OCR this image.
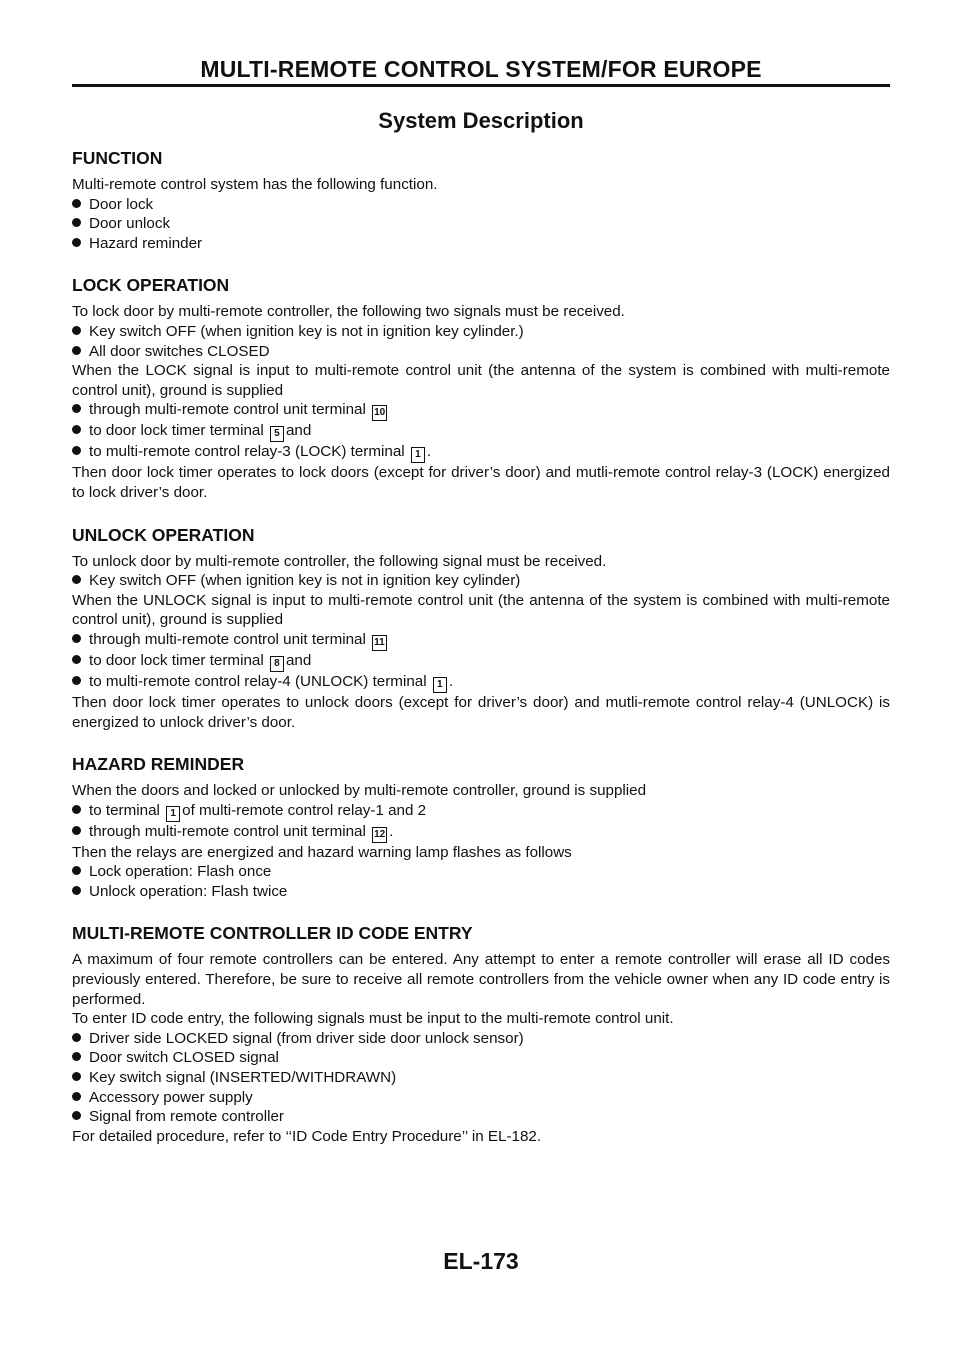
MULTI-REMOTE CONTROL SYSTEM/FOR EUROPE
System Description
FUNCTION

Multi-remote control system has the following function.

Door lock
Door unlock
Hazard reminder
LOCK OPERATION

To lock door by multi-remote controller, the following two signals must be received.

Key switch OFF (when ignition key is not in ignition key cylinder.)
All door switches CLOSED

When the LOCK signal is input to multi-remote control unit (the antenna of the system is combined with multi-remote control unit), ground is supplied

through multi-remote control unit terminal 10
to door lock timer terminal 5 and
to multi-remote control relay-3 (LOCK) terminal 1 .

Then door lock timer operates to lock doors (except for driver’s door) and mutli-remote control relay-3 (LOCK) energized to lock driver’s door.

UNLOCK OPERATION

To unlock door by multi-remote controller, the following signal must be received.

Key switch OFF (when ignition key is not in ignition key cylinder)

When the UNLOCK signal is input to multi-remote control unit (the antenna of the system is combined with multi-remote control unit), ground is supplied

through multi-remote control unit terminal 11
to door lock timer terminal 8 and
to multi-remote control relay-4 (UNLOCK) terminal 1 .

Then door lock timer operates to unlock doors (except for driver’s door) and mutli-remote control relay-4 (UNLOCK) is energized to unlock driver’s door.

HAZARD REMINDER

When the doors and locked or unlocked by multi-remote controller, ground is supplied

to terminal 1 of multi-remote control relay-1 and 2
through multi-remote control unit terminal 12 .

Then the relays are energized and hazard warning lamp flashes as follows

Lock operation: Flash once
Unlock operation: Flash twice
MULTI-REMOTE CONTROLLER ID CODE ENTRY

A maximum of four remote controllers can be entered. Any attempt to enter a remote controller will erase all ID codes previously entered. Therefore, be sure to receive all remote controllers from the vehicle owner when any ID code entry is performed.

To enter ID code entry, the following signals must be input to the multi-remote control unit.

Driver side LOCKED signal (from driver side door unlock sensor)
Door switch CLOSED signal
Key switch signal (INSERTED/WITHDRAWN)
Accessory power supply
Signal from remote controller

For detailed procedure, refer to ‘‘ID Code Entry Procedure’’ in EL-182.

EL-173
